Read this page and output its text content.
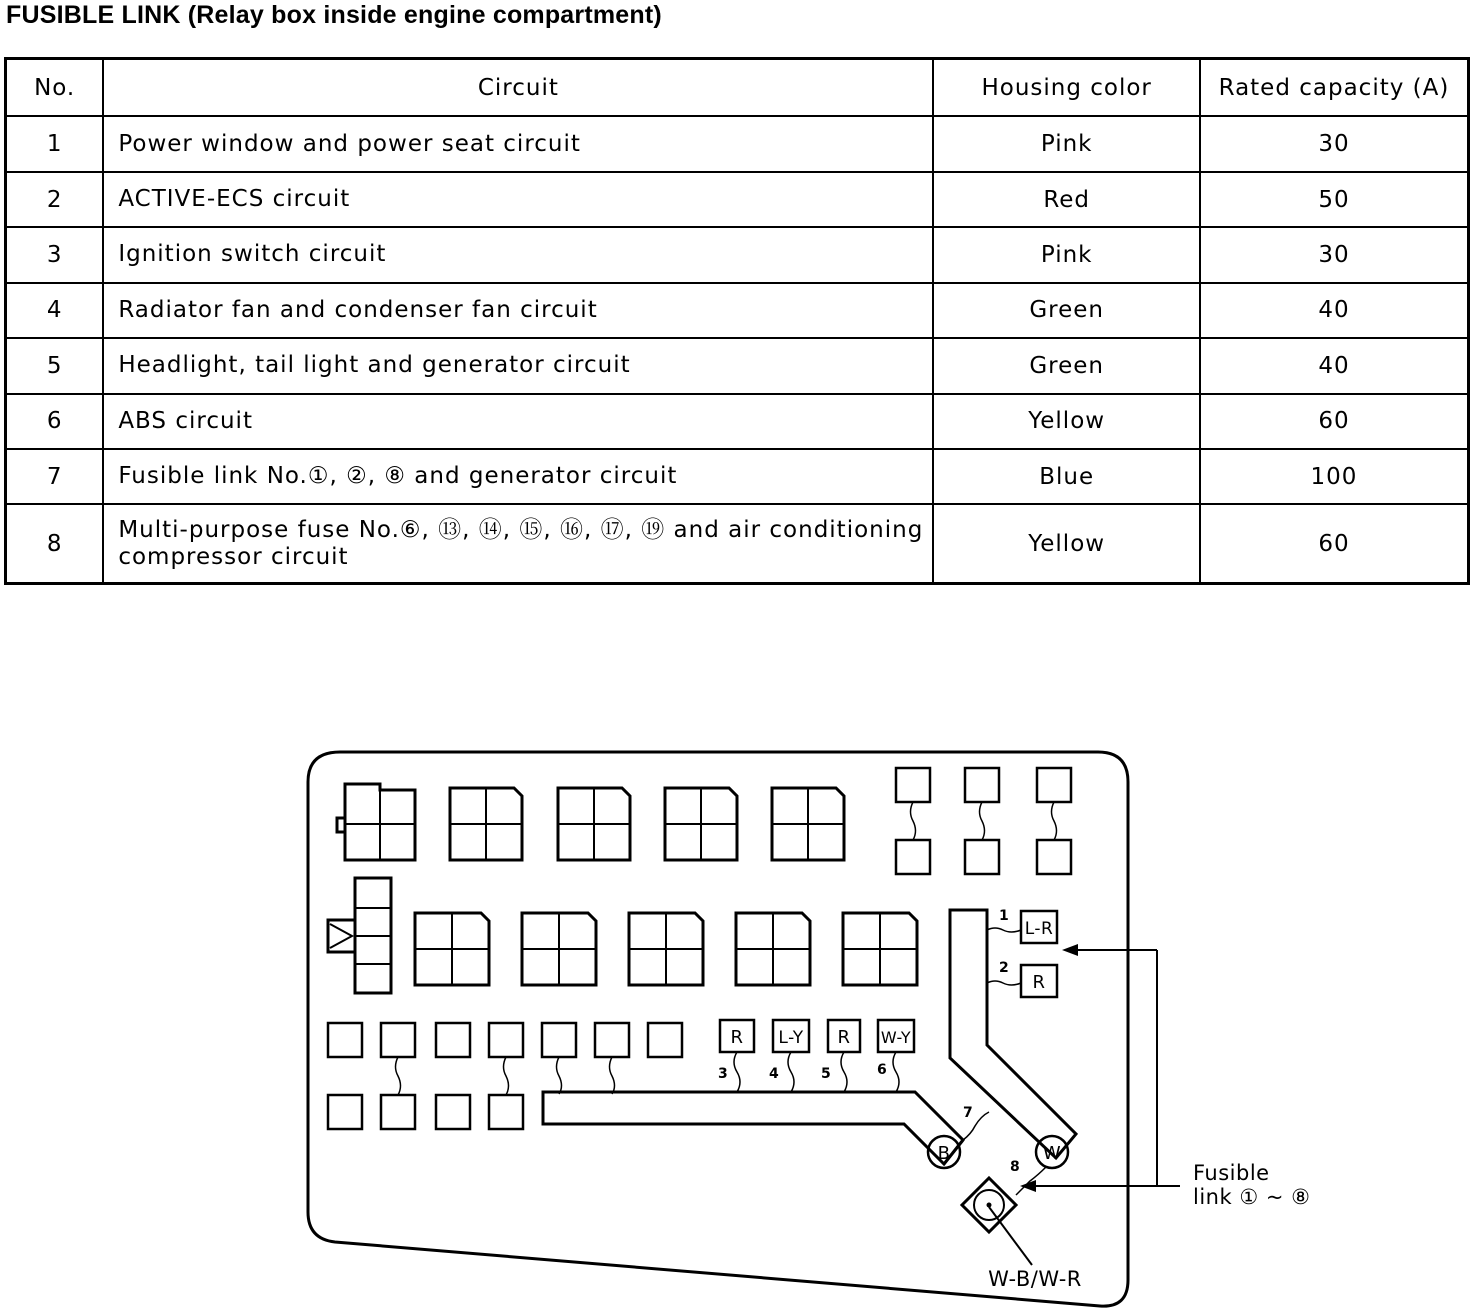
FUSIBLE LINK (Relay box inside engine compartment)
No.	Circuit	Housing color	Rated capacity (A)
1	Power window and power seat circuit	Pink	30
2	ACTIVE-ECS circuit	Red	50
3	Ignition switch circuit	Pink	30
4	Radiator fan and condenser fan circuit	Green	40
5	Headlight, tail light and generator circuit	Green	40
6	ABS circuit	Yellow	60
7	Fusible link No.①, ②, ⑧ and generator circuit	Blue	100
8	Multi-purpose fuse No.⑥, ⑬, ⑭, ⑮, ⑯, ⑰, ⑲ and air conditioning compressor circuit	Yellow	60
1
2
3	4	5	6
7
8
L-R
R
R L-Y R W-Y
B	W
Fusible
link ① ~ ⑧
W-B/W-R
